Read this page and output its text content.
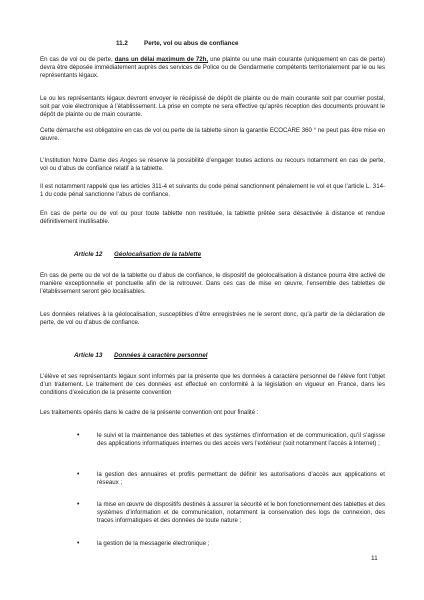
11.2	Perte, vol ou abus de confiance

En cas de vol ou de perte, dans un délai maximum de 72h, une plainte ou une main courante (uniquement en cas de perte) devra être déposée immédiatement auprès des services de Police ou de Gendarmerie compétents territorialement par le ou les représentants légaux.

Le ou les représentants légaux devront envoyer le récépissé de dépôt de plainte ou de main courante soit par courrier postal, soit par voie électronique à l’établissement. La prise en compte ne sera effective qu’après réception des documents prouvant le dépôt de plainte ou de main courante.

Cette démarche est obligatoire en cas de vol ou perte de la tablette sinon la garantie ECOCARE 360 ° ne peut pas être mise en œuvre.

L’Institution Notre Dame des Anges se réserve la possibilité d’engager toutes actions ou recours notamment en cas de perte, vol ou d’abus de confiance relatif à la tablette.

Il est notamment rappelé que les articles 311-4 et suivants du code pénal sanctionnent pénalement le vol et que l’article L. 314-1 du code pénal sanctionne l’abus de confiance.

En cas de perte ou de vol ou pour toute tablette non restituée, la tablette prêtée sera désactivée à distance et rendue définitivement inutilisable.

Article 12 Géolocalisation de la tablette

En cas de perte ou de vol de la tablette ou d’abus de confiance, le dispositif de géolocalisation à distance pourra être activé de manière exceptionnelle et ponctuelle afin de la retrouver. Dans ces cas de mise en œuvre, l’ensemble des tablettes de l’établissement seront géo localisables.

Les données relatives à la géolocalisation, susceptibles d’être enregistrées ne le seront donc, qu’à partir de la déclaration de perte, de vol ou d’abus de confiance.

Article 13 Données à caractère personnel

L’élève et ses représentants légaux sont informés par la présente que les données à caractère personnel de l’élève font l’objet d’un traitement. Le traitement de ces données est effectué en conformité à la législation en vigueur en France, dans les conditions d’exécution de la présente convention

Les traitements opérés dans le cadre de la présente convention ont pour finalité :

•	le suivi et la maintenance des tablettes et des systèmes d’information et de communication, qu’il s’agisse des applications informatiques internes ou des accès vers l’extérieur (soit notamment l’accès à Internet) ;

•	la gestion des annuaires et profils permettant de définir les autorisations d’accès aux applications et réseaux ;

•	la mise en œuvre de dispositifs destinés à assurer la sécurité et le bon fonctionnement des tablettes et des systèmes d’information et de communication, notamment la conservation des logs de connexion, des traces informatiques et des données de toute nature ;

•	la gestion de la messagerie électronique ;

11
